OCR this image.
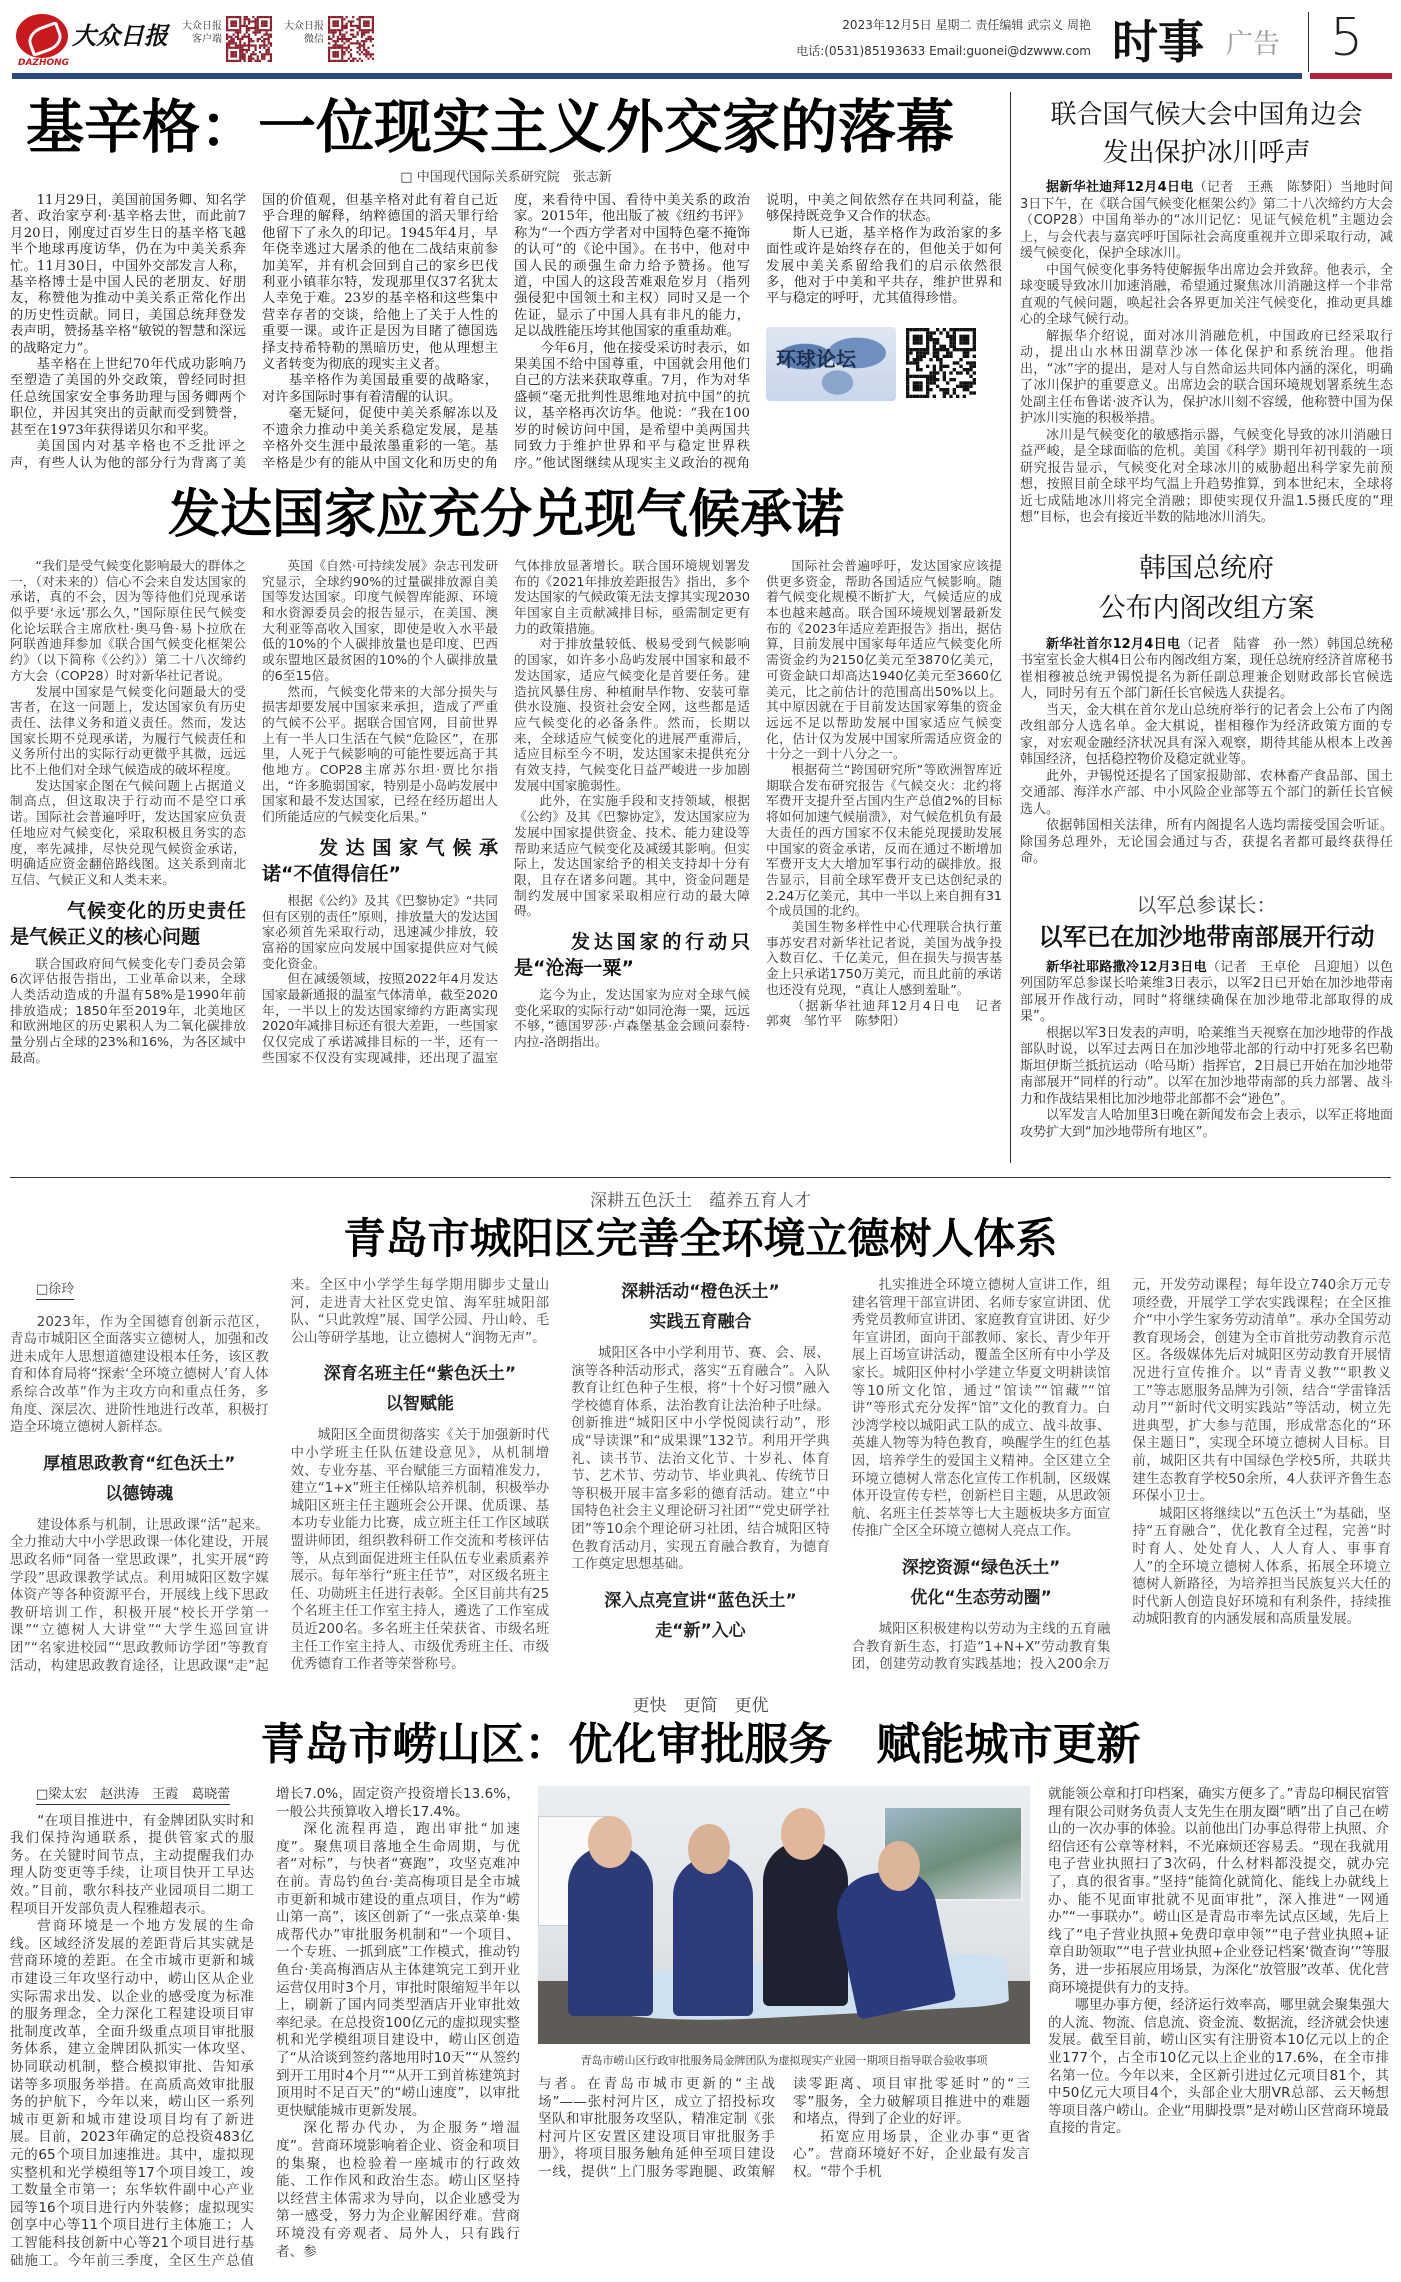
大众日报
DAZHONG
大众日报客户端
大众日报微信
2023年12月5日 星期二 责任编辑 武宗义 周艳
电话:(0531)85193633 Email:guonei@dzwww.com 时事 广告 5
基辛格：一位现实主义外交家的落幕
□ 中国现代国际关系研究院　张志新

11月29日，美国前国务卿、知名学者、政治家亨利·基辛格去世，而此前7月20日，刚度过百岁生日的基辛格飞越半个地球再度访华，仍在为中美关系奔忙。11月30日，中国外交部发言人称，基辛格博士是中国人民的老朋友、好朋友，称赞他为推动中美关系正常化作出的历史性贡献。同日，美国总统拜登发表声明，赞扬基辛格“敏锐的智慧和深远的战略定力”。

基辛格在上世纪70年代成功影响乃至塑造了美国的外交政策，曾经同时担任总统国家安全事务助理与国务卿两个职位，并因其突出的贡献而受到赞誉，甚至在1973年获得诺贝尔和平奖。

美国国内对基辛格也不乏批评之声，有些人认为他的部分行为背离了美国的价值观，但基辛格对此有着自己近乎合理的解释，纳粹德国的滔天罪行给他留下了永久的印记。1945年4月，早年侥幸逃过大屠杀的他在二战结束前参加美军，并有机会回到自己的家乡巴伐利亚小镇菲尔特，发现那里仅37名犹太人幸免于难。23岁的基辛格和这些集中营幸存者的交谈，给他上了关于人性的重要一课。或许正是因为目睹了德国选择支持希特勒的黑暗历史，他从理想主义者转变为彻底的现实主义者。

基辛格作为美国最重要的战略家，对许多国际时事有着清醒的认识。

毫无疑问，促使中美关系解冻以及不遗余力推动中美关系稳定发展，是基辛格外交生涯中最浓墨重彩的一笔。基辛格是少有的能从中国文化和历史的角度，来看待中国、看待中美关系的政治家。2015年，他出版了被《纽约书评》称为“一个西方学者对中国特色毫不掩饰的认可”的《论中国》。在书中，他对中国人民的顽强生命力给予赞扬。他写道，中国人的这段苦难艰危岁月（指列强侵犯中国领土和主权）同时又是一个佐证，显示了中国人具有非凡的能力，足以战胜能压垮其他国家的重重劫难。

今年6月，他在接受采访时表示，如果美国不给中国尊重，中国就会用他们自己的方法来获取尊重。7月，作为对华盛顿“毫无批判性思维地对抗中国”的抗议，基辛格再次访华。他说：“我在100岁的时候访问中国，是希望中美两国共同致力于维护世界和平与稳定世界秩序。”他试图继续从现实主义政治的视角说明，中美之间依然存在共同利益，能够保持既竞争又合作的状态。

斯人已逝，基辛格作为政治家的多面性或许是始终存在的，但他关于如何发展中美关系留给我们的启示依然很多，他对于中美和平共存，维护世界和平与稳定的呼吁，尤其值得珍惜。

环球论坛
发达国家应充分兑现气候承诺

“我们是受气候变化影响最大的群体之一，（对未来的）信心不会来自发达国家的承诺，真的不会，因为等待他们兑现承诺似乎要‘永远’那么久，”国际原住民气候变化论坛联合主席欣杜·奥马鲁·易卜拉欣在阿联酋迪拜参加《联合国气候变化框架公约》（以下简称《公约》）第二十八次缔约方大会（COP28）时对新华社记者说。

发展中国家是气候变化问题最大的受害者，在这一问题上，发达国家负有历史责任、法律义务和道义责任。然而，发达国家长期不兑现承诺，为履行气候责任和义务所付出的实际行动更微乎其微，远远比不上他们对全球气候造成的破坏程度。

发达国家企图在气候问题上占据道义制高点，但这取决于行动而不是空口承诺。国际社会普遍呼吁，发达国家应负责任地应对气候变化，采取积极且务实的态度，率先减排，尽快兑现气候资金承诺，明确适应资金翻倍路线图。这关系到南北互信、气候正义和人类未来。

气候变化的历史责任是气候正义的核心问题

联合国政府间气候变化专门委员会第6次评估报告指出，工业革命以来，全球人类活动造成的升温有58%是1990年前排放造成；1850年至2019年，北美地区和欧洲地区的历史累积人为二氧化碳排放量分别占全球的23%和16%，为各区域中最高。

英国《自然·可持续发展》杂志刊发研究显示，全球约90%的过量碳排放源自美国等发达国家。印度气候智库能源、环境和水资源委员会的报告显示，在美国、澳大利亚等高收入国家，即使是收入水平最低的10%的个人碳排放量也是印度、巴西或东盟地区最贫困的10%的个人碳排放量的6至15倍。

然而，气候变化带来的大部分损失与损害却要发展中国家来承担，造成了严重的气候不公平。据联合国官网，目前世界上有一半人口生活在气候“危险区”，在那里，人死于气候影响的可能性要远高于其他地方。COP28主席苏尔坦·贾比尔指出，“许多脆弱国家，特别是小岛屿发展中国家和最不发达国家，已经在经历超出人们所能适应的气候变化后果。”

发达国家气候承诺“不值得信任”

根据《公约》及其《巴黎协定》“共同但有区别的责任”原则，排放量大的发达国家必须首先采取行动，迅速减少排放，较富裕的国家应向发展中国家提供应对气候变化资金。

但在减缓领域，按照2022年4月发达国家最新通报的温室气体清单，截至2020年，一半以上的发达国家缔约方距离实现2020年减排目标还有很大差距，一些国家仅仅完成了承诺减排目标的一半，还有一些国家不仅没有实现减排，还出现了温室气体排放显著增长。联合国环境规划署发布的《2021年排放差距报告》指出，多个发达国家的气候政策无法支撑其实现2030年国家自主贡献减排目标，亟需制定更有力的政策措施。

对于排放量较低、极易受到气候影响的国家，如许多小岛屿发展中国家和最不发达国家，适应气候变化是首要任务。建造抗风暴住房、种植耐旱作物、安装可靠供水设施、投资社会安全网，这些都是适应气候变化的必备条件。然而，长期以来，全球适应气候变化的进展严重滞后，适应目标至今不明，发达国家未提供充分有效支持，气候变化日益严峻进一步加剧发展中国家脆弱性。

此外，在实施手段和支持领域，根据《公约》及其《巴黎协定》，发达国家应为发展中国家提供资金、技术、能力建设等帮助来适应气候变化及减缓其影响。但实际上，发达国家给予的相关支持却十分有限，且存在诸多问题。其中，资金问题是制约发展中国家采取相应行动的最大障碍。

发达国家的行动只是“沧海一粟”

迄今为止，发达国家为应对全球气候变化采取的实际行动“如同沧海一粟，远远不够，”德国罗莎·卢森堡基金会顾问泰特·内拉-洛朗指出。

国际社会普遍呼吁，发达国家应该提供更多资金，帮助各国适应气候影响。随着气候变化规模不断扩大，气候适应的成本也越来越高。联合国环境规划署最新发布的《2023年适应差距报告》指出，据估算，目前发展中国家每年适应气候变化所需资金约为2150亿美元至3870亿美元，可资金缺口却高达1940亿美元至3660亿美元，比之前估计的范围高出50%以上。其中原因就在于目前发达国家筹集的资金远远不足以帮助发展中国家适应气候变化，估计仅为发展中国家所需适应资金的十分之一到十八分之一。

根据荷兰“跨国研究所”等欧洲智库近期联合发布研究报告《气候交火：北约将军费开支提升至占国内生产总值2%的目标将如何加速气候崩溃》，对气候危机负有最大责任的西方国家不仅未能兑现援助发展中国家的资金承诺，反而在通过不断增加军费开支大大增加军事行动的碳排放。报告显示，目前全球军费开支已达创纪录的2.24万亿美元，其中一半以上来自拥有31个成员国的北约。

美国生物多样性中心代理联合执行董事苏安君对新华社记者说，美国为战争投入数百亿、千亿美元，但在损失与损害基金上只承诺1750万美元，而且此前的承诺也还没有兑现，“真让人感到羞耻”。

（据新华社迪拜12月4日电　记者　郭爽　邹竹平　陈梦阳）

联合国气候大会中国角边会
发出保护冰川呼声

据新华社迪拜12月4日电（记者　王燕　陈梦阳）当地时间3日下午，在《联合国气候变化框架公约》第二十八次缔约方大会（COP28）中国角举办的“冰川记忆：见证气候危机”主题边会上，与会代表与嘉宾呼吁国际社会高度重视并立即采取行动，减缓气候变化，保护全球冰川。

中国气候变化事务特使解振华出席边会并致辞。他表示，全球变暖导致冰川加速消融，希望通过聚焦冰川消融这样一个非常直观的气候问题，唤起社会各界更加关注气候变化，推动更具雄心的全球气候行动。

解振华介绍说，面对冰川消融危机，中国政府已经采取行动，提出山水林田湖草沙冰一体化保护和系统治理。他指出，“冰”字的提出，是对人与自然命运共同体内涵的深化，明确了冰川保护的重要意义。出席边会的联合国环境规划署系统生态处副主任布鲁诺·波齐认为，保护冰川刻不容缓，他称赞中国为保护冰川实施的积极举措。

冰川是气候变化的敏感指示器，气候变化导致的冰川消融日益严峻，是全球面临的危机。美国《科学》期刊年初刊载的一项研究报告显示，气候变化对全球冰川的威胁超出科学家先前预想，按照目前全球平均气温上升趋势推算，到本世纪末，全球将近七成陆地冰川将完全消融；即使实现仅升温1.5摄氏度的“理想”目标，也会有接近半数的陆地冰川消失。

韩国总统府
公布内阁改组方案

新华社首尔12月4日电（记者　陆睿　孙一然）韩国总统秘书室室长金大棋4日公布内阁改组方案，现任总统府经济首席秘书崔相穆被总统尹锡悦提名为新任副总理兼企划财政部长官候选人，同时另有五个部门新任长官候选人获提名。

当天，金大棋在首尔龙山总统府举行的记者会上公布了内阁改组部分人选名单。金大棋说，崔相穆作为经济政策方面的专家，对宏观金融经济状况具有深入观察，期待其能从根本上改善韩国经济，包括稳控物价及稳定就业等。

此外，尹锡悦还提名了国家报勋部、农林畜产食品部、国土交通部、海洋水产部、中小风险企业部等五个部门的新任长官候选人。

依据韩国相关法律，所有内阁提名人选均需接受国会听证。除国务总理外，无论国会通过与否，获提名者都可最终获得任命。

以军总参谋长：
以军已在加沙地带南部展开行动

新华社耶路撒冷12月3日电（记者　王卓伦　吕迎旭）以色列国防军总参谋长哈莱维3日表示，以军2日已开始在加沙地带南部展开作战行动，同时“将继续确保在加沙地带北部取得的成果”。

根据以军3日发表的声明，哈莱维当天视察在加沙地带的作战部队时说，以军过去两日在加沙地带北部的行动中打死多名巴勒斯坦伊斯兰抵抗运动（哈马斯）指挥官，2日晨已开始在加沙地带南部展开“同样的行动”。以军在加沙地带南部的兵力部署、战斗力和作战结果相比加沙地带北部都不会“逊色”。

以军发言人哈加里3日晚在新闻发布会上表示，以军正将地面攻势扩大到“加沙地带所有地区”。

深耕五色沃土　蕴养五育人才
青岛市城阳区完善全环境立德树人体系
□徐玲

2023年，作为全国德育创新示范区，青岛市城阳区全面落实立德树人，加强和改进未成年人思想道德建设根本任务，该区教育和体育局将“探索‘全环境立德树人’育人体系综合改革”作为主攻方向和重点任务，多角度、深层次、进阶性地进行改革，积极打造全环境立德树人新样态。

厚植思政教育“红色沃土”
以德铸魂

建设体系与机制，让思政课“活”起来。全力推动大中小学思政课一体化建设，开展思政名师“同备一堂思政课”，扎实开展“跨学段”思政课教学试点。利用城阳区数字媒体资产等各种资源平台，开展线上线下思政教研培训工作，积极开展“校长开学第一课”“立德树人大讲堂”“大学生巡回宣讲团”“名家进校园”“思政教师访学团”等教育活动，构建思政教育途径，让思政课“走”起来。全区中小学学生每学期用脚步丈量山河，走进青大社区党史馆、海军驻城阳部队、“只此敦煌”展、国学公园、丹山岭、毛公山等研学基地，让立德树人“润物无声”。

深育名班主任“紫色沃土”
以智赋能

城阳区全面贯彻落实《关于加强新时代中小学班主任队伍建设意见》，从机制增效、专业夯基、平台赋能三方面精准发力，建立“1+x”班主任梯队培养机制，积极举办城阳区班主任主题班会公开课、优质课、基本功专业能力比赛，成立班主任工作区域联盟讲师团，组织教科研工作交流和考核评估等，从点到面促进班主任队伍专业素质素养展示。每年举行“班主任节”，对区级名班主任、功勋班主任进行表彰。全区目前共有25个名班主任工作室主持人，遴选了工作室成员近200名。多名班主任荣获省、市级名班主任工作室主持人、市级优秀班主任、市级优秀德育工作者等荣誉称号。

深耕活动“橙色沃土”
实践五育融合

城阳区各中小学利用节、赛、会、展、演等各种活动形式，落实“五育融合”。入队教育让红色种子生根，将“十个好习惯”融入学校德育体系，法治教育让法治种子吐绿。创新推进“城阳区中小学悦阅读行动”，形成“导读课”和“成果课”132节。利用开学典礼、读书节、法治文化节、十岁礼、体育节、艺术节、劳动节、毕业典礼、传统节日等积极开展丰富多彩的德育活动。建立“中国特色社会主义理论研习社团”“党史研学社团”等10余个理论研习社团，结合城阳区特色教育活动月，实现五育融合教育，为德育工作奠定思想基础。

深入点亮宣讲“蓝色沃土”
走“新”入心

扎实推进全环境立德树人宣讲工作，组建名管理干部宣讲团、名师专家宣讲团、优秀党员教师宣讲团、家庭教育宣讲团、好少年宣讲团，面向干部教师、家长、青少年开展上百场宣讲活动，覆盖全区所有中小学及家长。城阳区仲村小学建立华夏文明耕读馆等10所文化馆，通过“馆读”“馆藏”“馆讲”等形式充分发挥“馆”文化的教育力。白沙湾学校以城阳武工队的成立、战斗故事、英雄人物等为特色教育，唤醒学生的红色基因，培养学生的爱国主义精神。全区建立全环境立德树人常态化宣传工作机制，区级媒体开设宣传专栏，创新栏目主题，从思政领航、名班主任荟萃等七大主题板块多方面宣传推广全区全环境立德树人亮点工作。

深挖资源“绿色沃土”
优化“生态劳动圈”

城阳区积极建构以劳动为主线的五育融合教育新生态，打造“1+N+X”劳动教育集团，创建劳动教育实践基地；投入200余万元，开发劳动课程；每年设立740余万元专项经费，开展学工学农实践课程；在全区推介“中小学生家务劳动清单”。承办全国劳动教育现场会，创建为全市首批劳动教育示范区。各级媒体先后对城阳区劳动教育开展情况进行宣传推介。以“青青义教”“职教义工”等志愿服务品牌为引领，结合“学雷锋活动月”“新时代文明实践站”等活动，树立先进典型，扩大参与范围，形成常态化的“环保主题日”，实现全环境立德树人目标。目前，城阳区共有中国绿色学校5所，共联共建生态教育学校50余所，4人获评齐鲁生态环保小卫士。

城阳区将继续以“五色沃土”为基础，坚持“五育融合”，优化教育全过程，完善“时时育人、处处育人、人人育人、事事育人”的全环境立德树人体系，拓展全环境立德树人新路径，为培养担当民族复兴大任的时代新人创造良好环境和有利条件，持续推动城阳教育的内涵发展和高质量发展。

更快　更简　更优
青岛市崂山区：优化审批服务　赋能城市更新
□梁太宏　赵洪涛　王霞　葛晓蕾

“在项目推进中，有金牌团队实时和我们保持沟通联系，提供管家式的服务。在关键时间节点，主动提醒我们办理人防变更等手续，让项目快开工早达效。”目前，歌尔科技产业园项目二期工程项目开发部负责人程雅超表示。

营商环境是一个地方发展的生命线。区域经济发展的差距背后其实就是营商环境的差距。在全市城市更新和城市建设三年攻坚行动中，崂山区从企业实际需求出发、以企业的感受度为标准的服务理念，全力深化工程建设项目审批制度改革，全面升级重点项目审批服务体系，建立金牌团队抓实一体攻坚、协同联动机制，整合模拟审批、告知承诺等多项服务举措。在高质高效审批服务的护航下，今年以来，崂山区一系列城市更新和城市建设项目均有了新进展。目前，2023年确定的总投资483亿元的65个项目加速推进。其中，虚拟现实整机和光学模组等17个项目竣工，竣工数量全市第一；东华软件副中心产业园等16个项目进行内外装修；虚拟现实创享中心等11个项目进行主体施工；人工智能科技创新中心等21个项目进行基础施工。今年前三季度，全区生产总值增长7.0%，固定资产投资增长13.6%，一般公共预算收入增长17.4%。

深化流程再造，跑出审批“加速度”。聚焦项目落地全生命周期，与优者“对标”，与快者“赛跑”，攻坚克难冲在前。青岛钓鱼台·美高梅项目是全市城市更新和城市建设的重点项目，作为“崂山第一高”，该区创新了“一张点菜单·集成帮代办”审批服务机制和“一个项目、一个专班、一抓到底”工作模式，推动钓鱼台·美高梅酒店从主体建筑完工到开业运营仅用时3个月，审批时限缩短半年以上，刷新了国内同类型酒店开业审批效率纪录。在总投资100亿元的虚拟现实整机和光学模组项目建设中，崂山区创造了“从洽谈到签约落地用时10天”“从签约到开工用时4个月”“从开工到首栋建筑封顶用时不足百天”的“崂山速度”，以审批更快赋能城市更新发展。

深化帮办代办，为企服务“增温度”。营商环境影响着企业、资金和项目的集聚，也检验着一座城市的行政效能、工作作风和政治生态。崂山区坚持以经营主体需求为导向，以企业感受为第一感受，努力为企业解困纾难。营商环境没有旁观者、局外人，只有践行者、参

青岛市崂山区行政审批服务局金牌团队为虚拟现实产业园一期项目指导联合验收事项

与者。在青岛市城市更新的“主战场”——张村河片区，成立了招投标攻坚队和审批服务攻坚队，精准定制《张村河片区安置区建设项目审批服务手册》，将项目服务触角延伸至项目建设一线，提供“上门服务零跑腿、政策解读零距离、项目审批零延时”的“三零”服务，全力破解项目推进中的难题和堵点，得到了企业的好评。

拓宽应用场景，企业办事“更省心”。营商环境好不好，企业最有发言权。“带个手机

就能领公章和打印档案，确实方便多了。”青岛印桐民宿管理有限公司财务负责人支先生在朋友圈“晒”出了自己在崂山的一次办事的体验。以前他出门办事总得带上执照、介绍信还有公章等材料，不光麻烦还容易丢。“现在我就用电子营业执照扫了3次码，什么材料都没提交，就办完了，真的很省事。”坚持“能简化就简化、能线上办就线上办、能不见面审批就不见面审批”，深入推进“一网通办”“一事联办”。崂山区是青岛市率先试点区域，先后上线了“电子营业执照+免费印章申领”“电子营业执照+证章自助领取”“电子营业执照+企业登记档案‘微查询’”等服务，进一步拓展应用场景，为深化“放管服”改革、优化营商环境提供有力的支持。

哪里办事方便，经济运行效率高，哪里就会聚集强大的人流、物流、信息流、资金流、数据流，经济就会快速发展。截至目前，崂山区实有注册资本10亿元以上的企业177个，占全市10亿元以上企业的17.6%，在全市排名第一位。今年以来，全区新引进过亿元项目81个，其中50亿元大项目4个，头部企业大朋VR总部、云天畅想等项目落户崂山。企业“用脚投票”是对崂山区营商环境最直接的肯定。
